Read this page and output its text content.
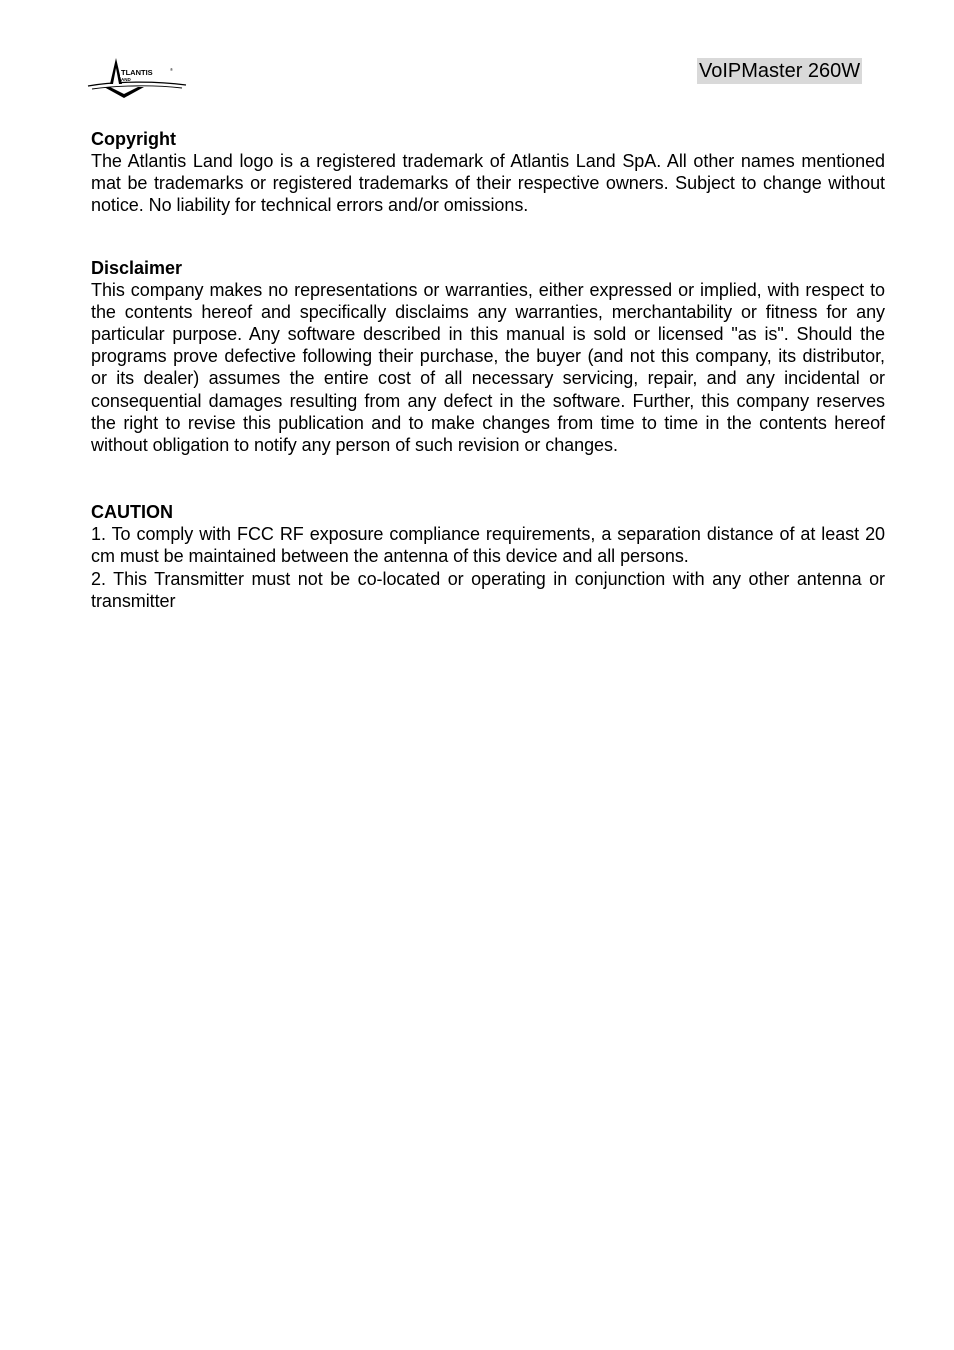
TLANTIS	®
AND	VoIPMaster 260W
Copyright

The Atlantis Land logo is a registered trademark of Atlantis Land SpA. All other names mentioned mat be trademarks or registered trademarks of their respective owners. Subject to change without notice. No liability for technical errors and/or omissions.

Disclaimer

This company makes no representations or warranties, either expressed or implied, with respect to the contents hereof and specifically disclaims any warranties, merchantability or fitness for any particular purpose. Any software described in this manual is sold or licensed "as is". Should the programs prove defective following their purchase, the buyer (and not this company, its distributor, or its dealer) assumes the entire cost of all necessary servicing, repair, and any incidental or consequential damages resulting from any defect in the software. Further, this company reserves the right to revise this publication and to make changes from time to time in the contents hereof without obligation to notify any person of such revision or changes.

CAUTION

1. To comply with FCC RF exposure compliance requirements, a separation distance of at least 20 cm must be maintained between the antenna of this device and all persons.

2. This Transmitter must not be co-located or operating in conjunction with any other antenna or transmitter
